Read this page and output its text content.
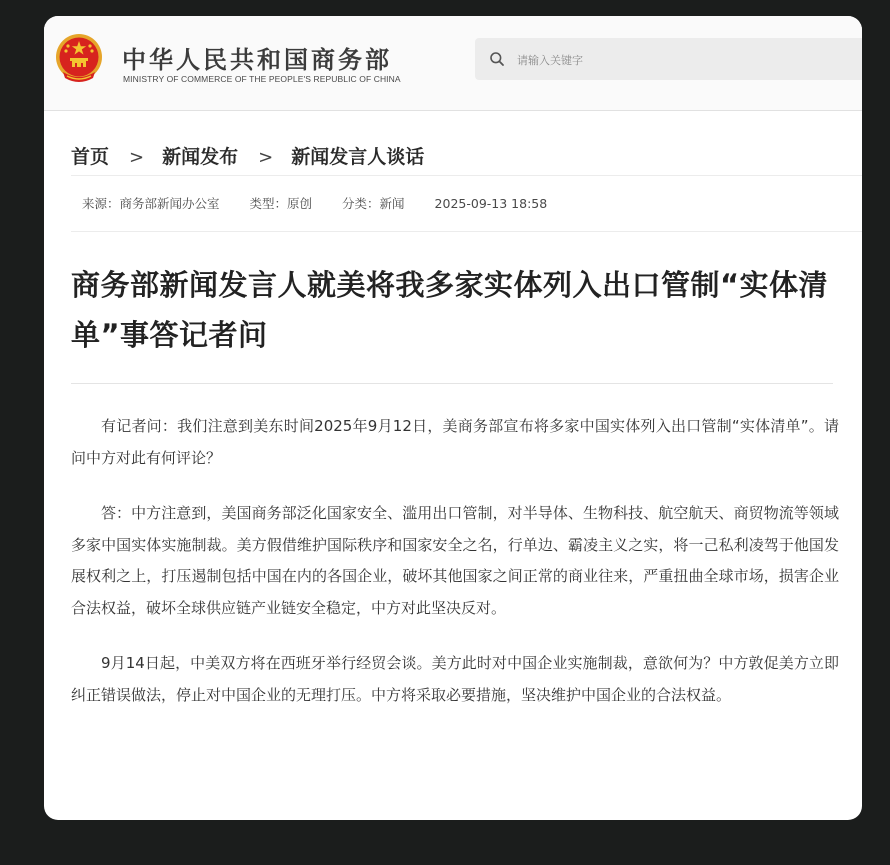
中华人民共和国商务部
MINISTRY OF COMMERCE OF THE PEOPLE'S REPUBLIC OF CHINA
请输入关键字
首页 > 新闻发布 > 新闻发言人谈话
来源：商务部新闻办公室 类型：原创 分类：新闻 2025-09-13 18:58
商务部新闻发言人就美将我多家实体列入出口管制“实体清单”事答记者问

有记者问：我们注意到美东时间2025年9月12日，美商务部宣布将多家中国实体列入出口管制“实体清单”。请问中方对此有何评论？

答：中方注意到，美国商务部泛化国家安全、滥用出口管制，对半导体、生物科技、航空航天、商贸物流等领域多家中国实体实施制裁。美方假借维护国际秩序和国家安全之名，行单边、霸凌主义之实，将一己私利凌驾于他国发展权利之上，打压遏制包括中国在内的各国企业，破坏其他国家之间正常的商业往来，严重扭曲全球市场，损害企业合法权益，破坏全球供应链产业链安全稳定，中方对此坚决反对。

9月14日起，中美双方将在西班牙举行经贸会谈。美方此时对中国企业实施制裁，意欲何为？中方敦促美方立即纠正错误做法，停止对中国企业的无理打压。中方将采取必要措施，坚决维护中国企业的合法权益。
